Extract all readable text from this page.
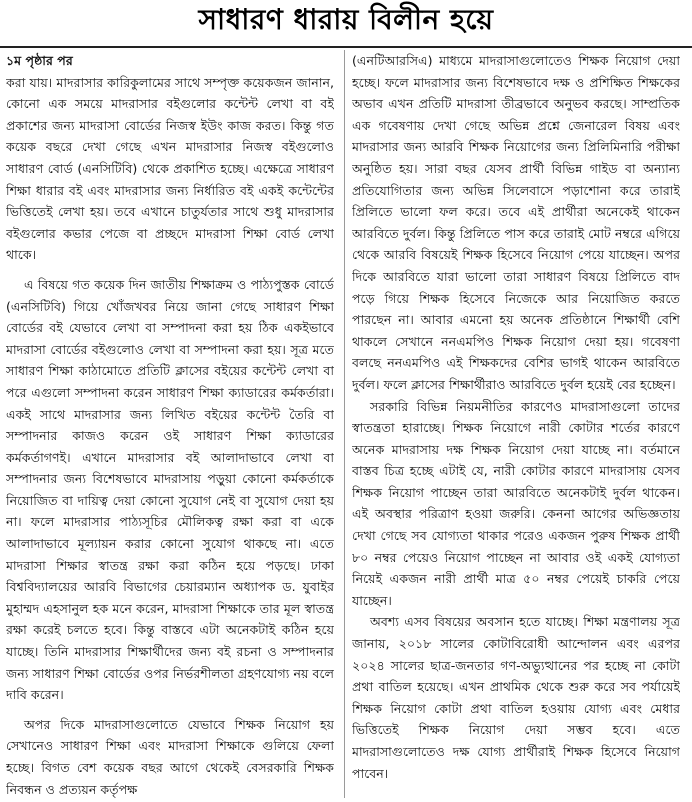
সাধারণ ধারায় বিলীন হয়ে
১ম পৃষ্ঠার পর

করা যায়। মাদরাসার কারিকুলামের সাথে সম্পৃক্ত কয়েকজন জানান, কোনো এক সময়ে মাদরাসার বইগুলোর কন্টেন্ট লেখা বা বই প্রকাশের জন্য মাদরাসা বোর্ডের নিজস্ব ইউং কাজ করত। কিন্তু গত কয়েক বছরে দেখা গেছে এখন মাদরাসার নিজস্ব বইগুলোও সাধারণ বোর্ড (এনসিটিবি) থেকে প্রকাশিত হচ্ছে। এক্ষেত্রে সাধারণ শিক্ষা ধারার বই এবং মাদরাসার জন্য নির্ধারিত বই একই কন্টেন্টের ভিত্তিতেই লেখা হয়। তবে এখানে চাতুর্যতার সাথে শুধু মাদরাসার বইগুলোর কভার পেজে বা প্রচ্ছদে মাদরাসা শিক্ষা বোর্ড লেখা থাকে।

এ বিষয়ে গত কয়েক দিন জাতীয় শিক্ষাক্রম ও পাঠ্যপুস্তক বোর্ডে (এনসিটিবি) গিয়ে খোঁজখবর নিয়ে জানা গেছে সাধারণ শিক্ষা বোর্ডের বই যেভাবে লেখা বা সম্পাদনা করা হয় ঠিক একইভাবে মাদরাসা বোর্ডের বইগুলোও লেখা বা সম্পাদনা করা হয়। সূত্র মতে সাধারণ শিক্ষা কাঠামোতে প্রতিটি ক্লাসের বইয়ের কন্টেন্ট লেখা বা পরে এগুলো সম্পাদনা করেন সাধারণ শিক্ষা ক্যাডারের কর্মকর্তারা। একই সাথে মাদরাসার জন্য লিখিত বইয়ের কন্টেন্ট তৈরি বা সম্পাদনার কাজও করেন ওই সাধারণ শিক্ষা ক্যাডারের কর্মকর্তাগণই। এখানে মাদরাসার বই আলাদাভাবে লেখা বা সম্পাদনার জন্য বিশেষভাবে মাদরাসায় পড়ুয়া কোনো কর্মকর্তাকে নিয়োজিত বা দায়িত্ব দেয়া কোনো সুযোগ নেই বা সুযোগ দেয়া হয় না। ফলে মাদরাসার পাঠ্যসূচির মৌলিকত্ব রক্ষা করা বা একে আলাদাভাবে মূল্যায়ন করার কোনো সুযোগ থাকছে না। এতে মাদরাসা শিক্ষার স্বাতন্ত্র রক্ষা করা কঠিন হয়ে পড়ছে। ঢাকা বিশ্ববিদ্যালয়ের আরবি বিভাগের চেয়ারম্যান অধ্যাপক ড. যুবাইর মুহাম্মদ এহসানুল হক মনে করেন, মাদরাসা শিক্ষাকে তার মূল স্বাতন্ত্র রক্ষা করেই চলতে হবে। কিন্তু বাস্তবে এটা অনেকটাই কঠিন হয়ে যাচ্ছে। তিনি মাদরাসার শিক্ষার্থীদের জন্য বই রচনা ও সম্পাদনার জন্য সাধারণ শিক্ষা বোর্ডের ওপর নির্ভরশীলতা গ্রহণযোগ্য নয় বলে দাবি করেন।

অপর দিকে মাদরাসাগুলোতে যেভাবে শিক্ষক নিয়োগ হয় সেখানেও সাধারণ শিক্ষা এবং মাদরাসা শিক্ষাকে গুলিয়ে ফেলা হচ্ছে। বিগত বেশ কয়েক বছর আগে থেকেই বেসরকারি শিক্ষক নিবন্ধন ও প্রত্যয়ন কর্তৃপক্ষ

(এনটিআরসিএ) মাধ্যমে মাদরাসাগুলোতেও শিক্ষক নিয়োগ দেয়া হচ্ছে। ফলে মাদরাসার জন্য বিশেষভাবে দক্ষ ও প্রশিক্ষিত শিক্ষকের অভাব এখন প্রতিটি মাদরাসা তীব্রভাবে অনুভব করছে। সাম্প্রতিক এক গবেষণায় দেখা গেছে অভিন্ন প্রশ্নে জেনারেল বিষয় এবং মাদরাসার জন্য আরবি শিক্ষক নিয়োগের জন্য প্রিলিমিনারি পরীক্ষা অনুষ্ঠিত হয়। সারা বছর যেসব প্রার্থী বিভিন্ন গাইড বা অন্যান্য প্রতিযোগিতার জন্য অভিন্ন সিলেবাসে পড়াশোনা করে তারাই প্রিলিতে ভালো ফল করে। তবে এই প্রার্থীরা অনেকেই থাকেন আরবিতে দুর্বল। কিন্তু প্রিলিতে পাস করে তারাই মোট নম্বরে এগিয়ে থেকে আরবি বিষয়েই শিক্ষক হিসেবে নিয়োগ পেয়ে যাচ্ছেন। অপর দিকে আরবিতে যারা ভালো তারা সাধারণ বিষয়ে প্রিলিতে বাদ পড়ে গিয়ে শিক্ষক হিসেবে নিজেকে আর নিয়োজিত করতে পারছেন না। আবার এমনো হয় অনেক প্রতিষ্ঠানে শিক্ষার্থী বেশি থাকলে সেখানে ননএমপিও শিক্ষক নিয়োগ দেয়া হয়। গবেষণা বলছে ননএমপিও এই শিক্ষকদের বেশির ভাগই থাকেন আরবিতে দুর্বল। ফলে ক্লাসের শিক্ষার্থীরাও আরবিতে দুর্বল হয়েই বের হচ্ছেন।

সরকারি বিভিন্ন নিয়মনীতির কারণেও মাদরাসাগুলো তাদের স্বাতন্ত্রতা হারাচ্ছে। শিক্ষক নিয়োগে নারী কোটার শর্তের কারণে অনেক মাদরাসায় দক্ষ শিক্ষক নিয়োগ দেয়া যাচ্ছে না। বর্তমানে বাস্তব চিত্র হচ্ছে এটাই যে, নারী কোটার কারণে মাদরাসায় যেসব শিক্ষক নিয়োগ পাচ্ছেন তারা আরবিতে অনেকটাই দুর্বল থাকেন। এই অবস্থার পরিত্রাণ হওয়া জরুরি। কেননা আগের অভিজ্ঞতায় দেখা গেছে সব যোগ্যতা থাকার পরেও একজন পুরুষ শিক্ষক প্রার্থী ৮০ নম্বর পেয়েও নিয়োগ পাচ্ছেন না আবার ওই একই যোগ্যতা নিয়েই একজন নারী প্রার্থী মাত্র ৫০ নম্বর পেয়েই চাকরি পেয়ে যাচ্ছেন।

অবশ্য এসব বিষয়ের অবসান হতে যাচ্ছে। শিক্ষা মন্ত্রণালয় সূত্র জানায়, ২০১৮ সালের কোটাবিরোধী আন্দোলন এবং এরপর ২০২৪ সালের ছাত্র-জনতার গণ-অভ্যুত্থানের পর হচ্ছে না কোটা প্রথা বাতিল হয়েছে। এখন প্রাথমিক থেকে শুরু করে সব পর্যায়েই শিক্ষক নিয়োগ কোটা প্রথা বাতিল হওয়ায় যোগ্য এবং মেধার ভিত্তিতেই শিক্ষক নিয়োগ দেয়া সম্ভব হবে। এতে মাদরাসাগুলোতেও দক্ষ যোগ্য প্রার্থীরাই শিক্ষক হিসেবে নিয়োগ পাবেন।
